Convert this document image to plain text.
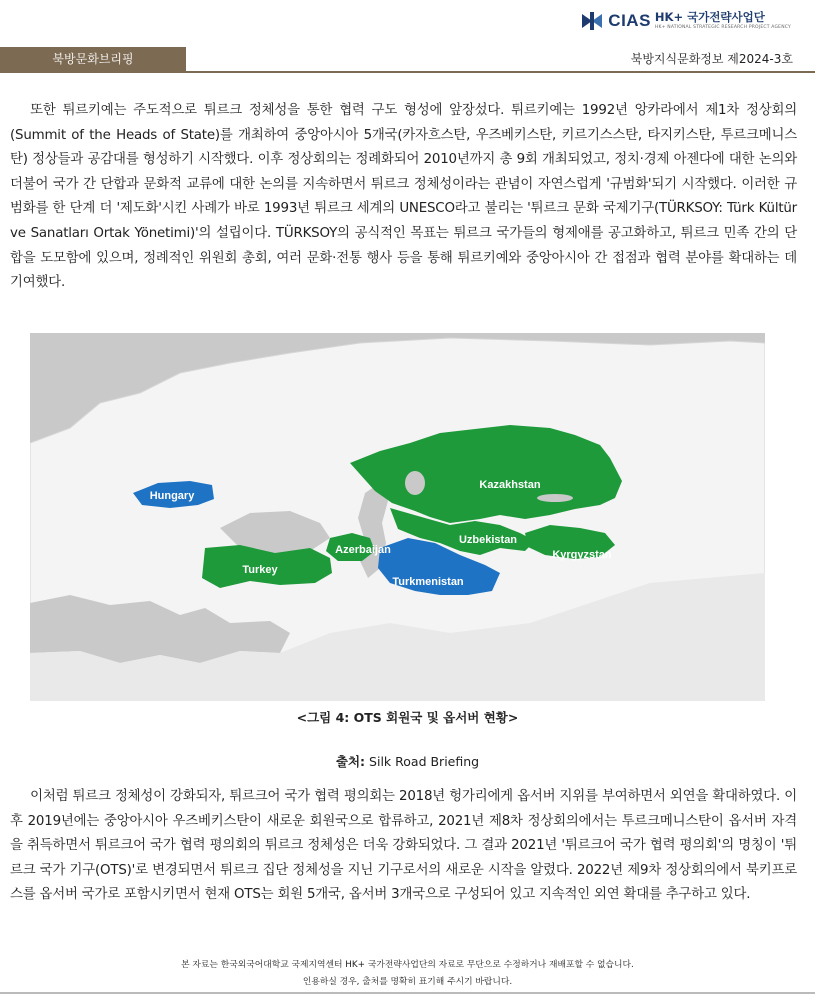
CIAS HK+ 국가전략사업단
HK+ NATIONAL STRATEGIC RESEARCH PROJECT AGENCY
북방문화브리핑	북방지식문화정보 제2024-3호

또한 튀르키예는 주도적으로 튀르크 정체성을 통한 협력 구도 형성에 앞장섰다. 튀르키예는 1992년 앙카라에서 제1차 정상회의(Summit of the Heads of State)를 개최하여 중앙아시아 5개국(카자흐스탄, 우즈베키스탄, 키르기스스탄, 타지키스탄, 투르크메니스탄) 정상들과 공감대를 형성하기 시작했다. 이후 정상회의는 정례화되어 2010년까지 총 9회 개최되었고, 정치·경제 아젠다에 대한 논의와 더불어 국가 간 단합과 문화적 교류에 대한 논의를 지속하면서 튀르크 정체성이라는 관념이 자연스럽게 '규범화'되기 시작했다. 이러한 규범화를 한 단계 더 '제도화'시킨 사례가 바로 1993년 튀르크 세계의 UNESCO라고 불리는 '튀르크 문화 국제기구(TÜRKSOY: Türk Kültür ve Sanatları Ortak Yönetimi)'의 설립이다. TÜRKSOY의 공식적인 목표는 튀르크 국가들의 형제애를 공고화하고, 튀르크 민족 간의 단합을 도모함에 있으며, 정례적인 위원회 총회, 여러 문화·전통 행사 등을 통해 튀르키예와 중앙아시아 간 접점과 협력 분야를 확대하는 데 기여했다.

Hungary
Kazakhstan
Azerbaijan
Uzbekistan
Kyrgyzstan
Turkey
Turkmenistan
<그림 4: OTS 회원국 및 옵서버 현황>
출처: Silk Road Briefing

이처럼 튀르크 정체성이 강화되자, 튀르크어 국가 협력 평의회는 2018년 헝가리에게 옵서버 지위를 부여하면서 외연을 확대하였다. 이후 2019년에는 중앙아시아 우즈베키스탄이 새로운 회원국으로 합류하고, 2021년 제8차 정상회의에서는 투르크메니스탄이 옵서버 자격을 취득하면서 튀르크어 국가 협력 평의회의 튀르크 정체성은 더욱 강화되었다. 그 결과 2021년 '튀르크어 국가 협력 평의회'의 명칭이 '튀르크 국가 기구(OTS)'로 변경되면서 튀르크 집단 정체성을 지닌 기구로서의 새로운 시작을 알렸다. 2022년 제9차 정상회의에서 북키프로스를 옵서버 국가로 포함시키면서 현재 OTS는 회원 5개국, 옵서버 3개국으로 구성되어 있고 지속적인 외연 확대를 추구하고 있다.

본 자료는 한국외국어대학교 국제지역센터 HK+ 국가전략사업단의 자료로 무단으로 수정하거나 재배포할 수 없습니다.
인용하실 경우, 출처를 명확히 표기해 주시기 바랍니다.
